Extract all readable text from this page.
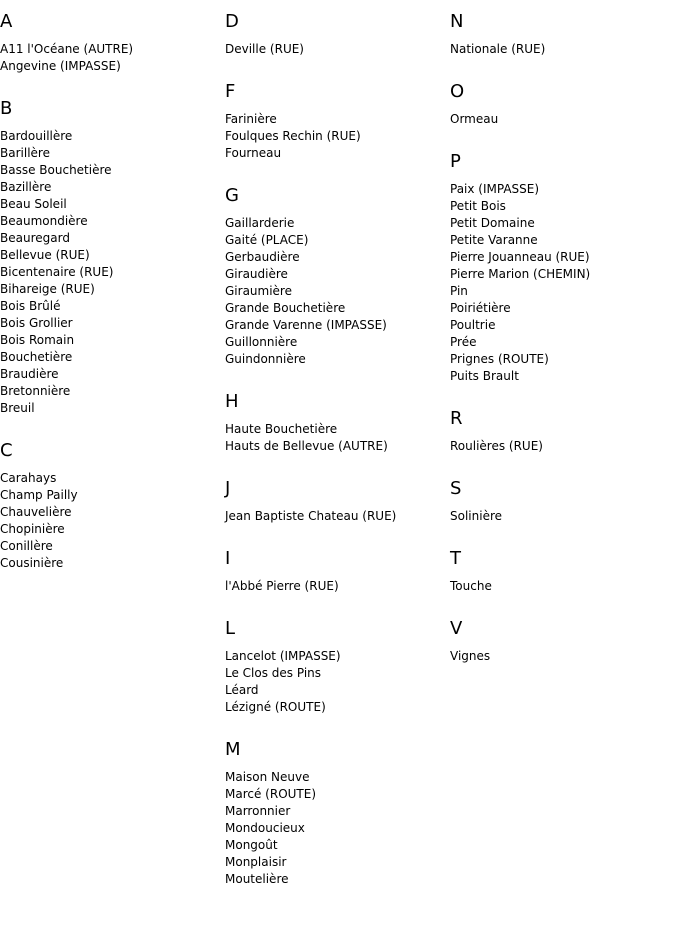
A
A11 l'Océane (AUTRE)
Angevine (IMPASSE)
B
Bardouillère
Barillère
Basse Bouchetière
Bazillère
Beau Soleil
Beaumondière
Beauregard
Bellevue (RUE)
Bicentenaire (RUE)
Bihareige (RUE)
Bois Brûlé
Bois Grollier
Bois Romain
Bouchetière
Braudière
Bretonnière
Breuil
C
Carahays
Champ Pailly
Chauvelière
Chopinière
Conillère
Cousinière
D
Deville (RUE)
F
Farinière
Foulques Rechin (RUE)
Fourneau
G
Gaillarderie
Gaité (PLACE)
Gerbaudière
Giraudière
Giraumière
Grande Bouchetière
Grande Varenne (IMPASSE)
Guillonnière
Guindonnière
H
Haute Bouchetière
Hauts de Bellevue (AUTRE)
J
Jean Baptiste Chateau (RUE)
I
l'Abbé Pierre (RUE)
L
Lancelot (IMPASSE)
Le Clos des Pins
Léard
Lézigné (ROUTE)
M
Maison Neuve
Marcé (ROUTE)
Marronnier
Mondoucieux
Mongoût
Monplaisir
Moutelière
N
Nationale (RUE)
O
Ormeau
P
Paix (IMPASSE)
Petit Bois
Petit Domaine
Petite Varanne
Pierre Jouanneau (RUE)
Pierre Marion (CHEMIN)
Pin
Poiriétière
Poultrie
Prée
Prignes (ROUTE)
Puits Brault
R
Roulières (RUE)
S
Solinière
T
Touche
V
Vignes
